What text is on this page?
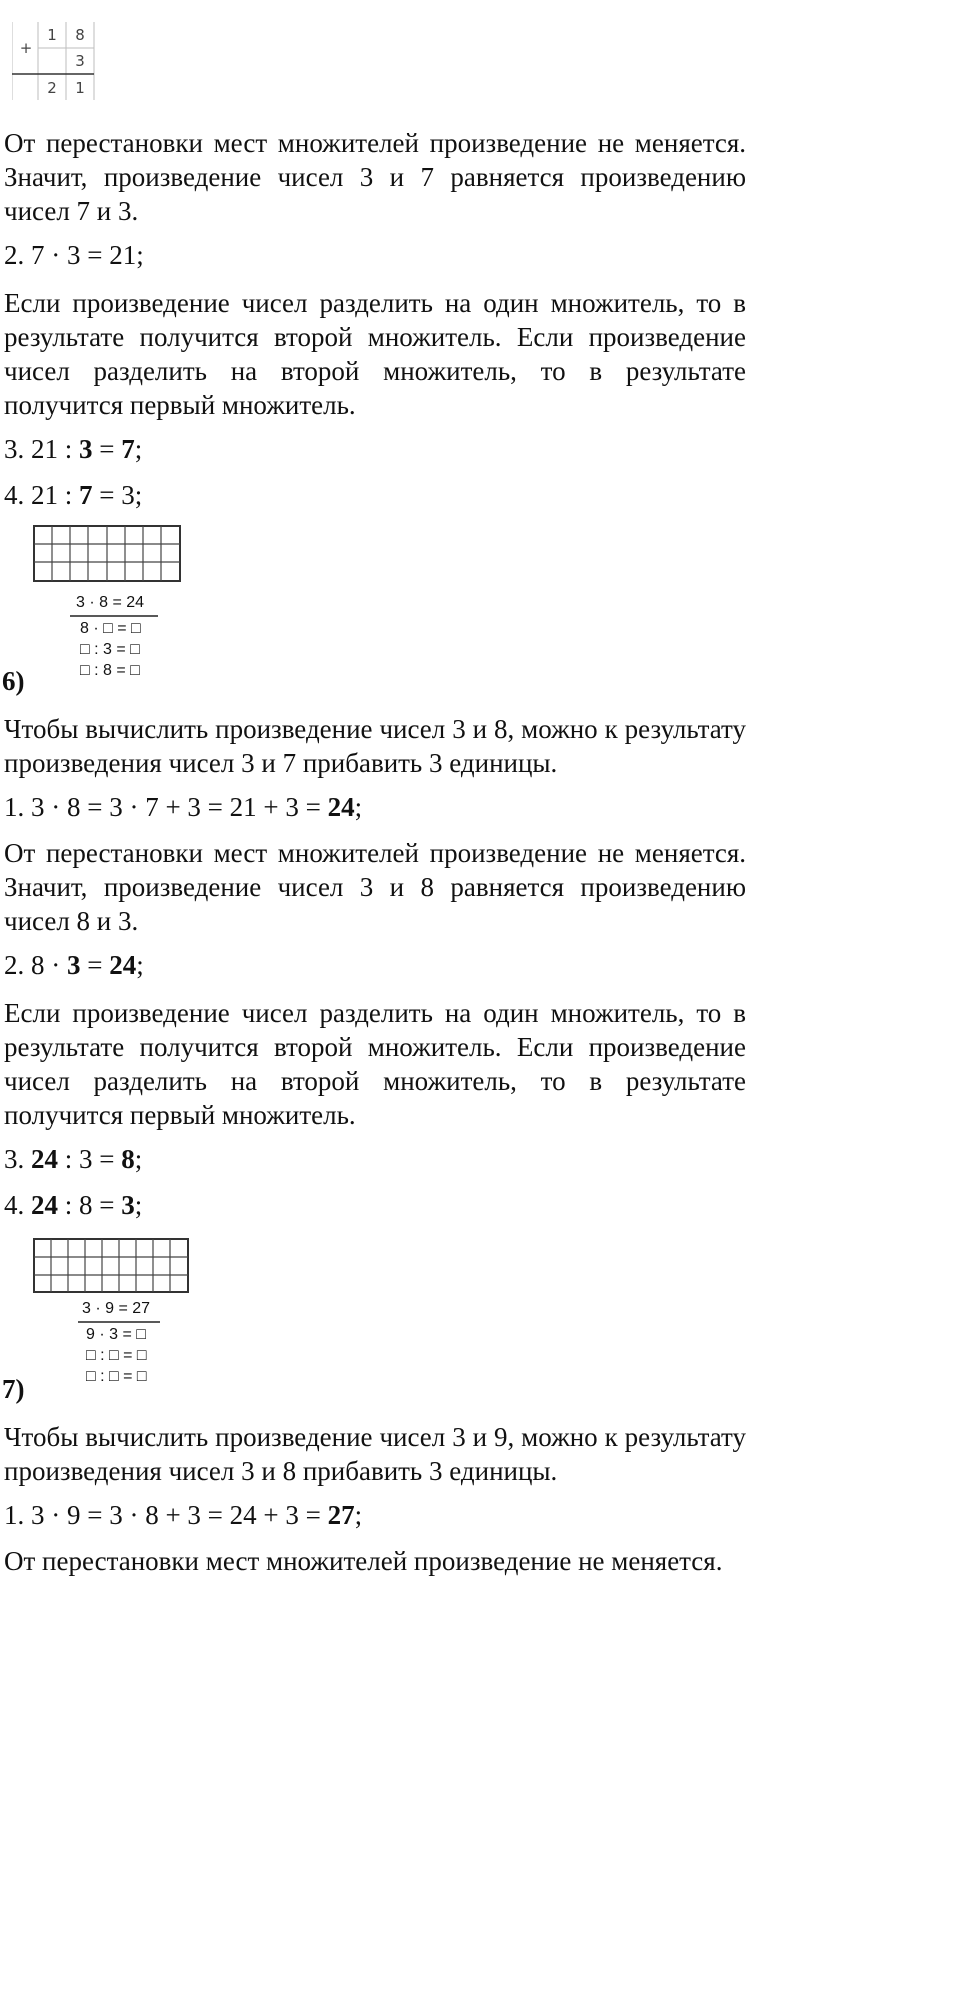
+
1	8
3
2	1
От перестановки мест множителей произведение не меняется. Значит, произведение чисел 3 и 7 равняется произведению чисел 7 и 3.
2. 7 · 3 = 21;
Если произведение чисел разделить на один множитель, то в результате получится второй множитель. Если произведение чисел разделить на второй множитель, то в результате получится первый множитель.
3. 21 : 3 = 7;
4. 21 : 7 = 3;
3 · 8 = 24
8 · □ = □
□ : 3 = □
□ : 8 = □
6)
Чтобы вычислить произведение чисел 3 и 8, можно к результату произведения чисел 3 и 7 прибавить 3 единицы.
1. 3 · 8 = 3 · 7 + 3 = 21 + 3 = 24;
От перестановки мест множителей произведение не меняется. Значит, произведение чисел 3 и 8 равняется произведению чисел 8 и 3.
2. 8 · 3 = 24;
Если произведение чисел разделить на один множитель, то в результате получится второй множитель. Если произведение чисел разделить на второй множитель, то в результате получится первый множитель.
3. 24 : 3 = 8;
4. 24 : 8 = 3;
3 · 9 = 27
9 · 3 = □
□ : □ = □
□ : □ = □
7)
Чтобы вычислить произведение чисел 3 и 9, можно к результату произведения чисел 3 и 8 прибавить 3 единицы.
1. 3 · 9 = 3 · 8 + 3 = 24 + 3 = 27;
От перестановки мест множителей произведение не меняется.
